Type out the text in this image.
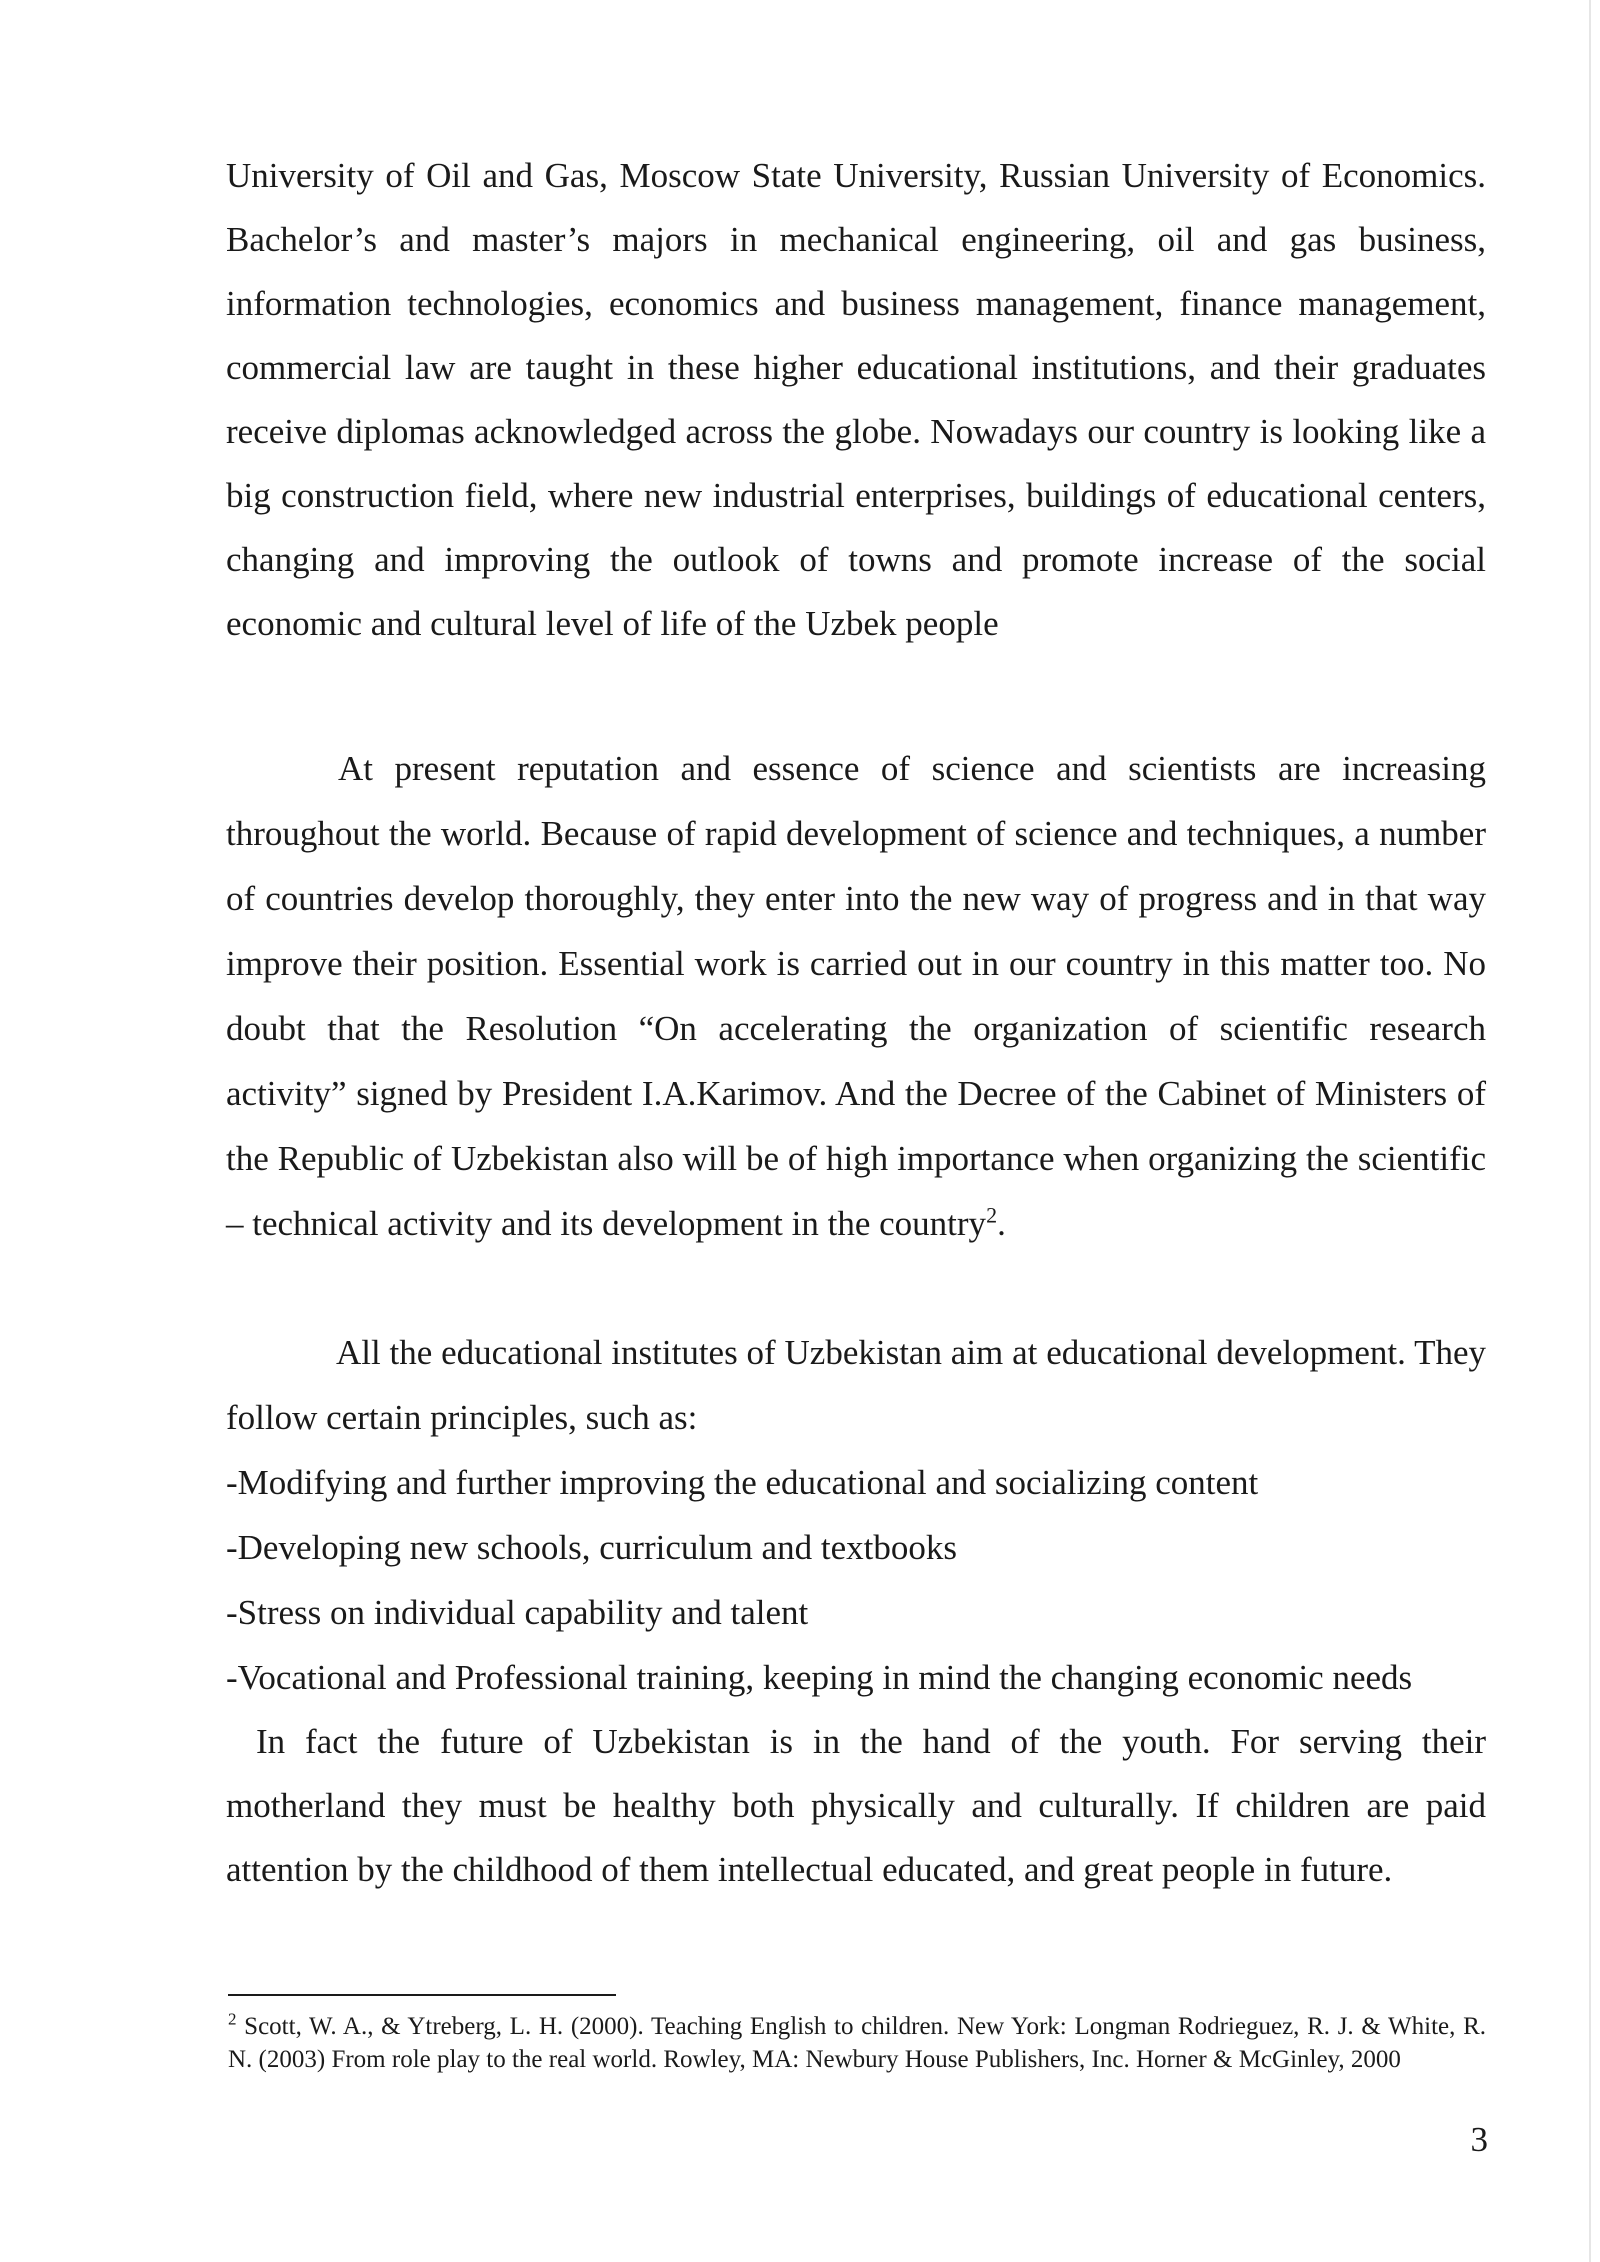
University of Oil and Gas, Moscow State University, Russian University of Economics. Bachelor’s and master’s majors in mechanical engineering, oil and gas business, information technologies, economics and business management, finance management, commercial law are taught in these higher educational institutions, and their graduates receive diplomas acknowledged across the globe. Nowadays our country is looking like a big construction field, where new industrial enterprises, buildings of educational centers, changing and improving the outlook of towns and promote increase of the social economic and cultural level of life of the Uzbek people

At present reputation and essence of science and scientists are increasing throughout the world. Because of rapid development of science and techniques, a number of countries develop thoroughly, they enter into the new way of progress and in that way improve their position. Essential work is carried out in our country in this matter too. No doubt that the Resolution “On accelerating the organization of scientific research activity” signed by President I.A.Karimov. And the Decree of the Cabinet of Ministers of the Republic of Uzbekistan also will be of high importance when organizing the scientific – technical activity and its development in the country$^2$.

All the educational institutes of Uzbekistan aim at educational development. They follow certain principles, such as:

-Modifying and further improving the educational and socializing content
-Developing new schools, curriculum and textbooks
-Stress on individual capability and talent
-Vocational and Professional training, keeping in mind the changing economic needs

In fact the future of Uzbekistan is in the hand of the youth. For serving their motherland they must be healthy both physically and culturally. If children are paid attention by the childhood of them intellectual educated, and great people in future.

$^2$ Scott, W. A., & Ytreberg, L. H. (2000). Teaching English to children. New York: Longman Rodrieguez, R. J. & White, R. N. (2003) From role play to the real world. Rowley, MA: Newbury House Publishers, Inc. Horner & McGinley, 2000

3
